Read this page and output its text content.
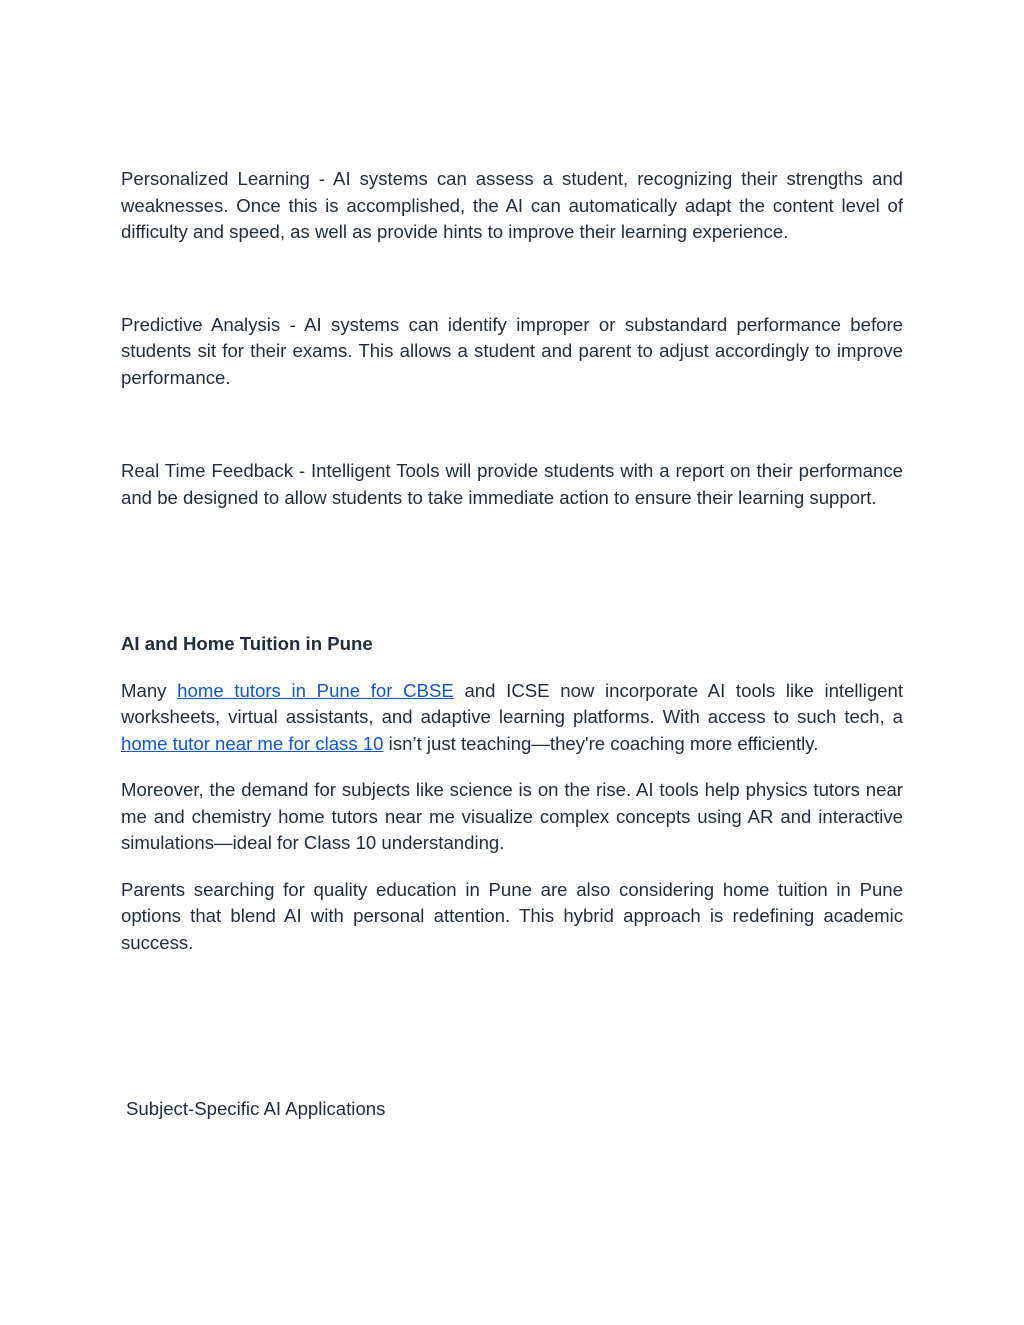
Personalized Learning - AI systems can assess a student, recognizing their strengths and weaknesses. Once this is accomplished, the AI can automatically adapt the content level of difficulty and speed, as well as provide hints to improve their learning experience.

Predictive Analysis - AI systems can identify improper or substandard performance before students sit for their exams. This allows a student and parent to adjust accordingly to improve performance.

Real Time Feedback - Intelligent Tools will provide students with a report on their performance and be designed to allow students to take immediate action to ensure their learning support.

AI and Home Tuition in Pune

Many home tutors in Pune for CBSE and ICSE now incorporate AI tools like intelligent worksheets, virtual assistants, and adaptive learning platforms. With access to such tech, a home tutor near me for class 10 isn’t just teaching—they're coaching more efficiently.

Moreover, the demand for subjects like science is on the rise. AI tools help physics tutors near me and chemistry home tutors near me visualize complex concepts using AR and interactive simulations—ideal for Class 10 understanding.

Parents searching for quality education in Pune are also considering home tuition in Pune options that blend AI with personal attention. This hybrid approach is redefining academic success.

Subject-Specific AI Applications
